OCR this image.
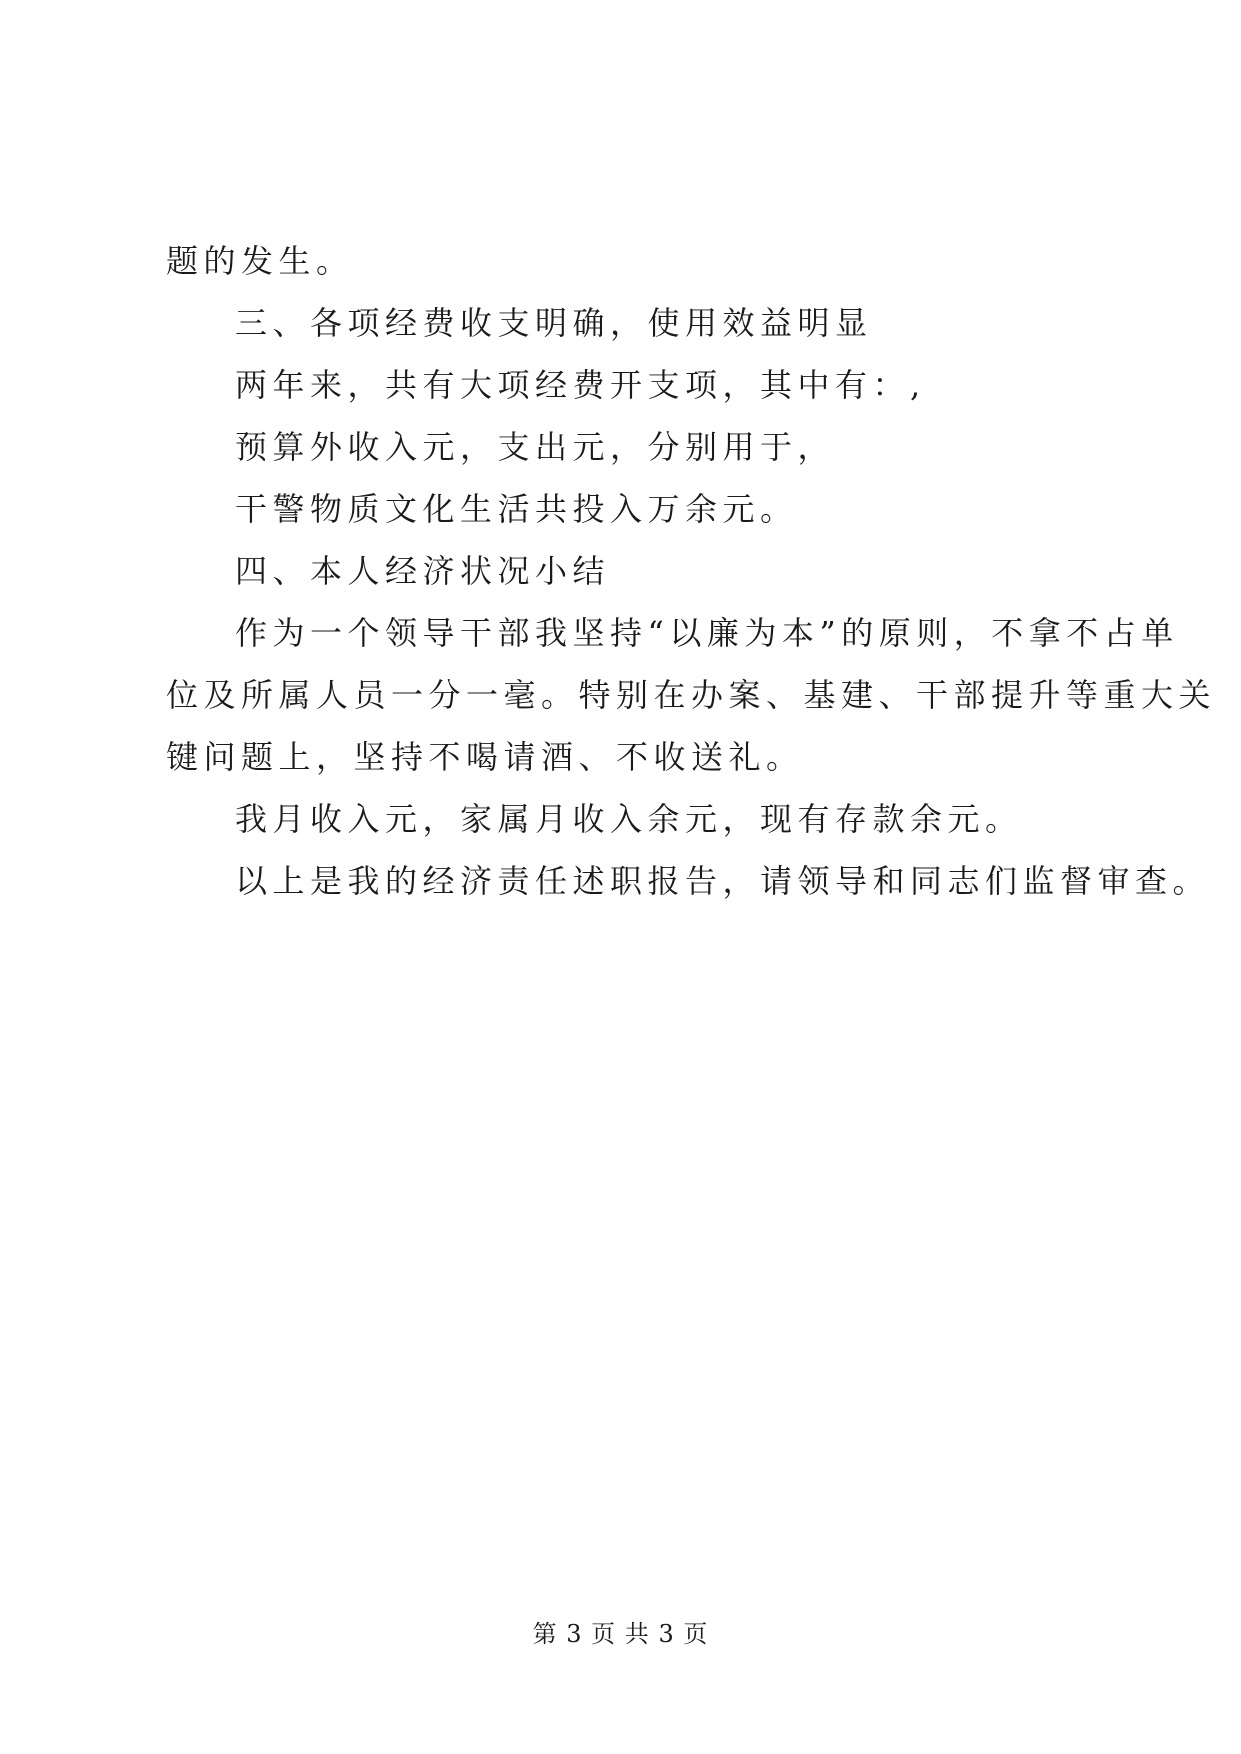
题的发生。
三、各项经费收支明确，使用效益明显
两年来，共有大项经费开支项，其中有：,
预算外收入元，支出元，分别用于，
干警物质文化生活共投入万余元。
四、本人经济状况小结
作为一个领导干部我坚持“以廉为本”的原则，不拿不占单
位及所属人员一分一毫。特别在办案、基建、干部提升等重大关
键问题上，坚持不喝请酒、不收送礼。
我月收入元，家属月收入余元，现有存款余元。
以上是我的经济责任述职报告，请领导和同志们监督审查。
第 3 页 共 3 页
